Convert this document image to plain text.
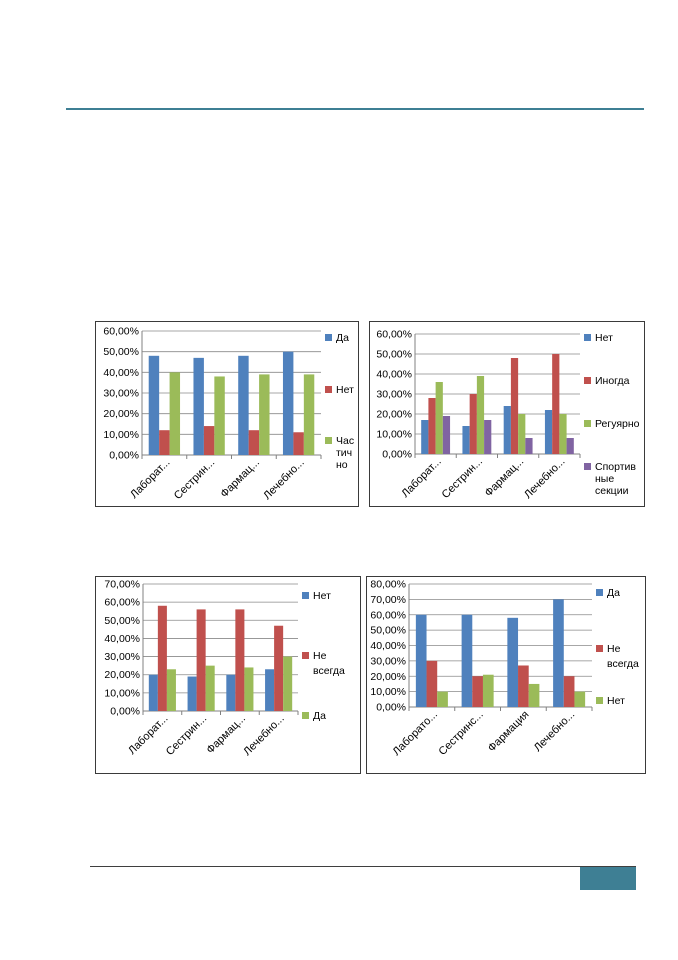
0,00%
10,00%
20,00%
30,00%
40,00%
50,00%
60,00%
Лаборат... Сестрин... Фармац... Лечебно...
Да
Нет
Час
тич
но
0,00%
10,00%
20,00%
30,00%
40,00%
50,00%
60,00%
Лаборат...
Сестрин...
Фармац...
Лечебно...
Нет
Иногда
Регуярно
Спортив
ные
секции
0,00%
10,00%
20,00%
30,00%
40,00%
50,00%
60,00%
70,00%
Лаборат...
Сестрин...
Фармац...
Лечебно...
Нет
Не
всегда
Да
0,00%
10,00%
20,00%
30,00%
40,00%
50,00%
60,00%
70,00%
80,00%
Лаборато...
Сестринс... Фармация Лечебно...
Да
Не
всегда
Нет
